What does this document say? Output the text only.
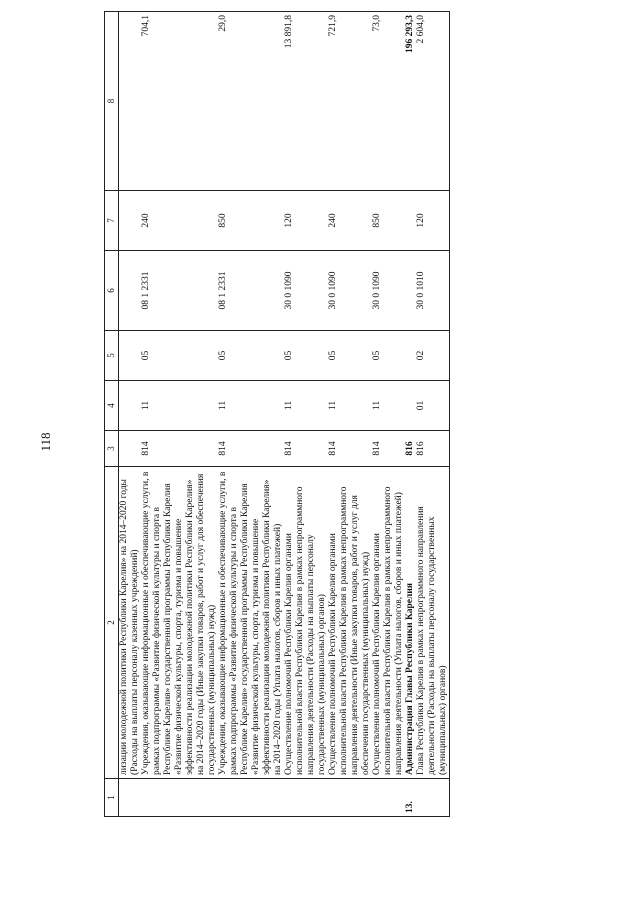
118
1	2	3	4	5	6	7	8
	лизации молодежной политики Республики Карелия» на 2014–2020 годы (Расходы на выплаты персоналу казенных учреждений)						
	Учреждения, оказывающие информационные и обеспечивающие услуги, в рамках подпрограммы «Развитие физической культуры и спорта в Республике Карелия» государственной программы Республики Карелия «Развитие физической культуры, спорта, туризма и повышение эффективности реализации молодежной политики Республики Карелия» на 2014–2020 годы (Иные закупки товаров, работ и услуг для обеспечения государственных (муниципальных) нужд)	814	11	05	08 1 2331	240	704,1
	Учреждения, оказывающие информационные и обеспечивающие услуги, в рамках подпрограммы «Развитие физической культуры и спорта в Республике Карелия» государственной программы Республики Карелия «Развитие физической культуры, спорта, туризма и повышение эффективности реализации молодежной политики Республики Карелия» на 2014–2020 годы (Уплата налогов, сборов и иных платежей)	814	11	05	08 1 2331	850	29,0
	Осуществление полномочий Республики Карелия органами исполнительной власти Республики Карелия в рамках непрограммного направления деятельности (Расходы на выплаты персоналу государственных (муниципальных) органов)	814	11	05	30 0 1090	120	13 891,8
	Осуществление полномочий Республики Карелия органами исполнительной власти Республики Карелия в рамках непрограммного направления деятельности (Иные закупки товаров, работ и услуг для обеспечения государственных (муниципальных) нужд)	814	11	05	30 0 1090	240	721,9
	Осуществление полномочий Республики Карелия органами исполнительной власти Республики Карелия в рамках непрограммного направления деятельности (Уплата налогов, сборов и иных платежей)	814	11	05	30 0 1090	850	73,0
13.	Администрация Главы Республики Карелия	816					196 293,3
	Глава Республики Карелия в рамках непрограммного направления деятельности (Расходы на выплаты персоналу государственных (муниципальных) органов)	816	01	02	30 0 1010	120	2 604,0
